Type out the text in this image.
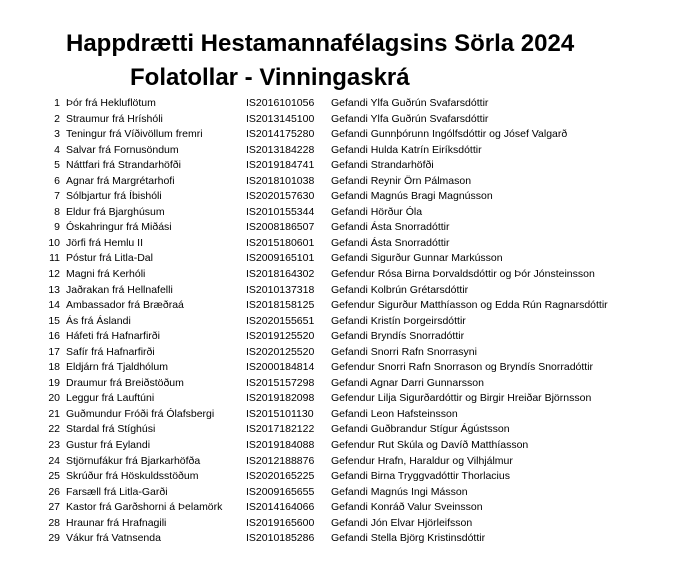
Happdrætti Hestamannafélagsins Sörla 2024
Folatollar - Vinningaskrá
1 Þór frá Hekluflötum	IS2016101056 Gefandi Ylfa Guðrún Svafarsdóttir
2 Straumur frá Hríshóli	IS2013145100 Gefandi Ylfa Guðrún Svafarsdóttir
3 Teningur frá Víðivöllum fremri	IS2014175280 Gefandi Gunnþórunn Ingólfsdóttir og Jósef Valgarð
4 Salvar frá Fornusöndum	IS2013184228 Gefandi Hulda Katrín Eiríksdóttir
5 Náttfari frá Strandarhöfði	IS2019184741 Gefandi Strandarhöfði
6 Agnar frá Margrétarhofi	IS2018101038 Gefandi Reynir Örn Pálmason
7 Sólbjartur frá Íbishóli	IS2020157630 Gefandi Magnús Bragi Magnússon
8 Eldur frá Bjarghúsum	IS2010155344 Gefandi Hörður Óla
9 Óskahringur frá Miðási	IS2008186507 Gefandi Ásta Snorradóttir
10 Jörfi frá Hemlu II	IS2015180601 Gefandi Ásta Snorradóttir
11 Póstur frá Litla-Dal	IS2009165101 Gefandi Sigurður Gunnar Markússon
12 Magni frá Kerhóli	IS2018164302 Gefendur Rósa Birna Þorvaldsdóttir og Þór Jónsteinsson
13 Jaðrakan frá Hellnafelli	IS2010137318 Gefandi Kolbrún Grétarsdóttir
14 Ambassador frá Bræðraá	IS2018158125 Gefendur Sigurður Matthíasson og Edda Rún Ragnarsdóttir
15 Ás frá Áslandi	IS2020155651 Gefandi Kristín Þorgeirsdóttir
16 Háfeti frá Hafnarfirði	IS2019125520 Gefandi Bryndís Snorradóttir
17 Safír frá Hafnarfirði	IS2020125520 Gefandi Snorri Rafn Snorrasyni
18 Eldjárn frá Tjaldhólum	IS2000184814 Gefendur Snorri Rafn Snorrason og Bryndís Snorradóttir
19 Draumur frá Breiðstöðum	IS2015157298 Gefandi Agnar Darri Gunnarsson
20 Leggur frá Lauftúni	IS2019182098 Gefendur Lilja Sigurðardóttir og Birgir Hreiðar Björnsson
21 Guðmundur Fróði frá Ólafsbergi	IS2015101130 Gefandi Leon Hafsteinsson
22 Stardal frá Stíghúsi	IS2017182122 Gefandi Guðbrandur Stígur Ágústsson
23 Gustur frá Eylandi	IS2019184088 Gefendur Rut Skúla og Davíð Matthíasson
24 Stjörnufákur frá Bjarkarhöfða	IS2012188876 Gefendur Hrafn, Haraldur og Vilhjálmur
25 Skrúður frá Höskuldsstöðum	IS2020165225 Gefandi Birna Tryggvadóttir Thorlacius
26 Farsæll frá Litla-Garði	IS2009165655 Gefandi Magnús Ingi Másson
27 Kastor frá Garðshorni á Þelamörk IS2014164066 Gefandi Konráð Valur Sveinsson
28 Hraunar frá Hrafnagili	IS2019165600 Gefandi Jón Elvar Hjörleifsson
29 Vákur frá Vatnsenda	IS2010185286 Gefandi Stella Björg Kristinsdóttir
